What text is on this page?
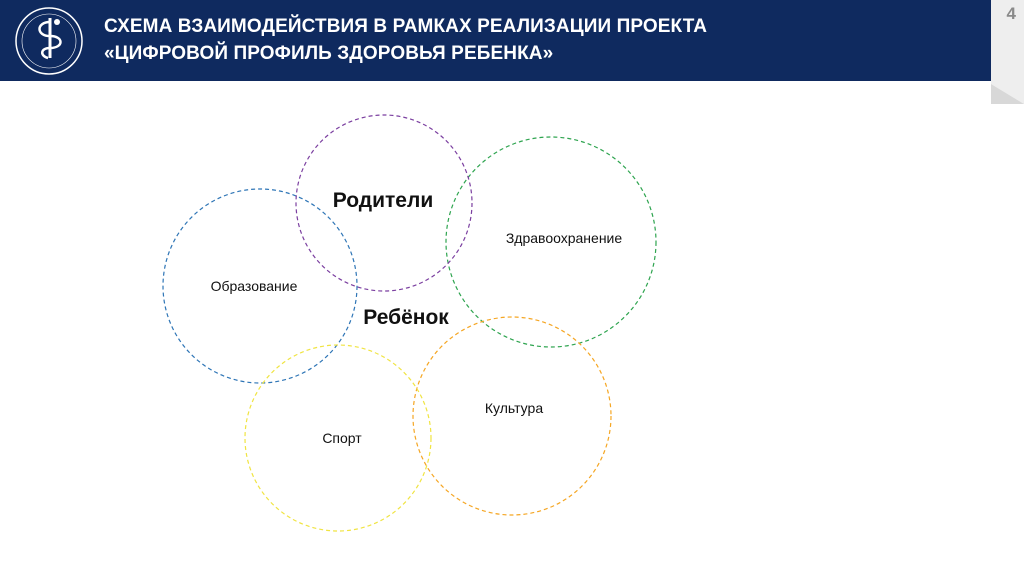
СХЕМА ВЗАИМОДЕЙСТВИЯ В РАМКАХ РЕАЛИЗАЦИИ ПРОЕКТА
«ЦИФРОВОЙ ПРОФИЛЬ ЗДОРОВЬЯ РЕБЕНКА»
4
Родители
Здравоохранение
Образование
Ребёнок
Культура
Спорт
